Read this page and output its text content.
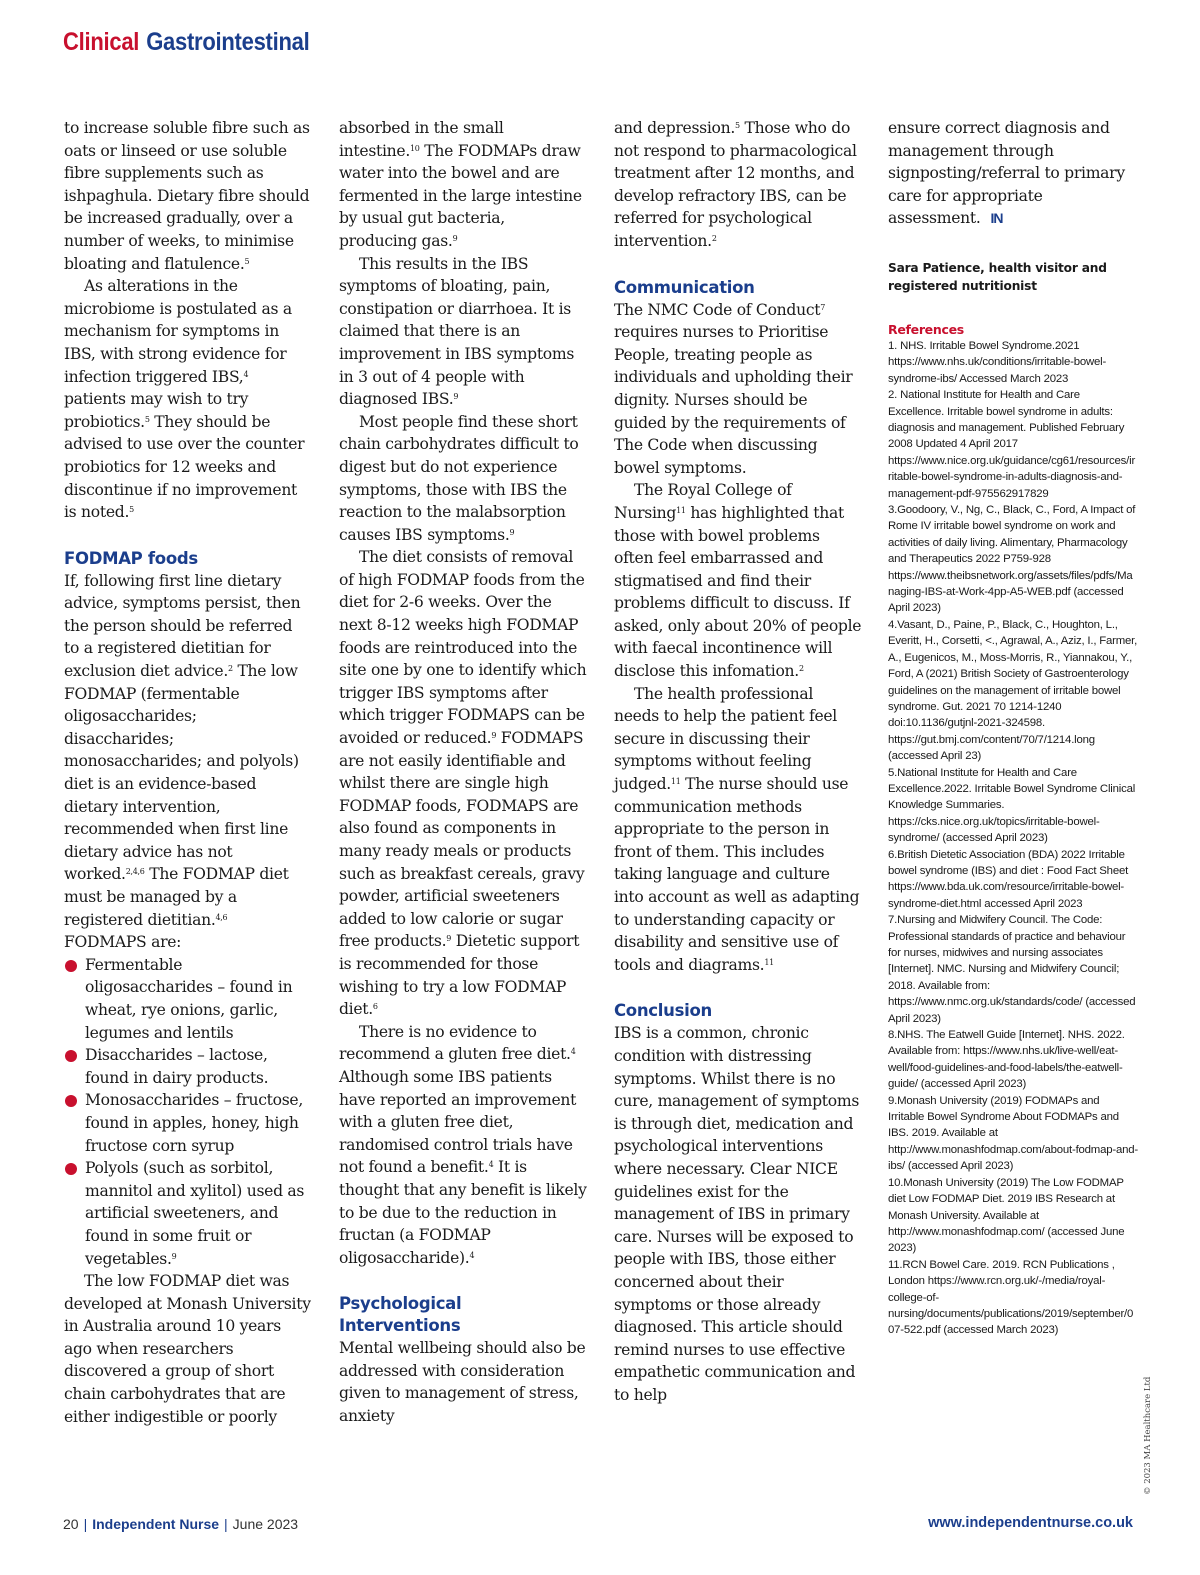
Clinical Gastrointestinal

to increase soluble fibre such as oats or linseed or use soluble fibre supplements such as ishpaghula. Dietary fibre should be increased gradually, over a number of weeks, to minimise bloating and flatulence.$^5$

As alterations in the microbiome is postulated as a mechanism for symptoms in IBS, with strong evidence for infection triggered IBS,$^4$ patients may wish to try probiotics.$^5$ They should be advised to use over the counter probiotics for 12 weeks and discontinue if no improvement is noted.$^5$

FODMAP foods

If, following first line dietary advice, symptoms persist, then the person should be referred to a registered dietitian for exclusion diet advice.$^2$ The low FODMAP (fermentable oligosaccharides; disaccharides; monosaccharides; and polyols) diet is an evidence-based dietary intervention, recommended when first line dietary advice has not worked.$^{2,4,6}$ The FODMAP diet must be managed by a registered dietitian.$^{4,6}$

FODMAPS are:

Fermentable oligosaccharides – found in wheat, rye onions, garlic, legumes and lentils
Disaccharides – lactose, found in dairy products.
Monosaccharides – fructose, found in apples, honey, high fructose corn syrup
Polyols (such as sorbitol, mannitol and xylitol) used as artificial sweeteners, and found in some fruit or vegetables.$^9$

The low FODMAP diet was developed at Monash University in Australia around 10 years ago when researchers discovered a group of short chain carbohydrates that are either indigestible or poorly

absorbed in the small intestine.$^{10}$ The FODMAPs draw water into the bowel and are fermented in the large intestine by usual gut bacteria, producing gas.$^9$

This results in the IBS symptoms of bloating, pain, constipation or diarrhoea. It is claimed that there is an improvement in IBS symptoms in 3 out of 4 people with diagnosed IBS.$^9$

Most people find these short chain carbohydrates difficult to digest but do not experience symptoms, those with IBS the reaction to the malabsorption causes IBS symptoms.$^9$

The diet consists of removal of high FODMAP foods from the diet for 2-6 weeks. Over the next 8-12 weeks high FODMAP foods are reintroduced into the site one by one to identify which trigger IBS symptoms after which trigger FODMAPS can be avoided or reduced.$^9$ FODMAPS are not easily identifiable and whilst there are single high FODMAP foods, FODMAPS are also found as components in many ready meals or products such as breakfast cereals, gravy powder, artificial sweeteners added to low calorie or sugar free products.$^9$ Dietetic support is recommended for those wishing to try a low FODMAP diet.$^6$

There is no evidence to recommend a gluten free diet.$^4$ Although some IBS patients have reported an improvement with a gluten free diet, randomised control trials have not found a benefit.$^4$ It is thought that any benefit is likely to be due to the reduction in fructan (a FODMAP oligosaccharide).$^4$

Psychological
Interventions

Mental wellbeing should also be addressed with consideration given to management of stress, anxiety

and depression.$^5$ Those who do not respond to pharmacological treatment after 12 months, and develop refractory IBS, can be referred for psychological intervention.$^2$

Communication

The NMC Code of Conduct$^7$ requires nurses to Prioritise People, treating people as individuals and upholding their dignity. Nurses should be guided by the requirements of The Code when discussing bowel symptoms.

The Royal College of Nursing$^{11}$ has highlighted that those with bowel problems often feel embarrassed and stigmatised and find their problems difficult to discuss. If asked, only about 20% of people with faecal incontinence will disclose this infomation.$^2$

The health professional needs to help the patient feel secure in discussing their symptoms without feeling judged.$^{11}$ The nurse should use communication methods appropriate to the person in front of them. This includes taking language and culture into account as well as adapting to understanding capacity or disability and sensitive use of tools and diagrams.$^{11}$

Conclusion

IBS is a common, chronic condition with distressing symptoms. Whilst there is no cure, management of symptoms is through diet, medication and psychological interventions where necessary. Clear NICE guidelines exist for the management of IBS in primary care. Nurses will be exposed to people with IBS, those either concerned about their symptoms or those already diagnosed. This article should remind nurses to use effective empathetic communication and to help

ensure correct diagnosis and management through signposting/referral to primary care for appropriate assessment. IN

Sara Patience, health visitor and registered nutritionist

References

1. NHS. Irritable Bowel Syndrome.2021 https://www.nhs.uk/conditions/irritable-bowel-syndrome-ibs/ Accessed March 2023
2. National Institute for Health and Care Excellence. Irritable bowel syndrome in adults: diagnosis and management. Published February 2008 Updated 4 April 2017 https://www.nice.org.uk/guidance/cg61/resources/irritable-bowel-syndrome-in-adults-diagnosis-and-management-pdf-975562917829
3.Goodoory, V., Ng, C., Black, C., Ford, A Impact of Rome IV irritable bowel syndrome on work and activities of daily living. Alimentary, Pharmacology and Therapeutics 2022 P759-928 https://www.theibsnetwork.org/assets/files/pdfs/Managing-IBS-at-Work-4pp-A5-WEB.pdf (accessed April 2023)
4.Vasant, D., Paine, P., Black, C., Houghton, L., Everitt, H., Corsetti, <., Agrawal, A., Aziz, I., Farmer, A., Eugenicos, M., Moss-Morris, R., Yiannakou, Y., Ford, A (2021) British Society of Gastroenterology guidelines on the management of irritable bowel syndrome. Gut. 2021 70 1214-1240 doi:10.1136/gutjnl-2021-324598. https://gut.bmj.com/content/70/7/1214.long (accessed April 23)
5.National Institute for Health and Care Excellence.2022. Irritable Bowel Syndrome Clinical Knowledge Summaries. https://cks.nice.org.uk/topics/irritable-bowel-syndrome/ (accessed April 2023)
6.British Dietetic Association (BDA) 2022 Irritable bowel syndrome (IBS) and diet : Food Fact Sheet https://www.bda.uk.com/resource/irritable-bowel-syndrome-diet.html accessed April 2023
7.Nursing and Midwifery Council. The Code: Professional standards of practice and behaviour for nurses, midwives and nursing associates [Internet]. NMC. Nursing and Midwifery Council; 2018. Available from: https://www.nmc.org.uk/standards/code/ (accessed April 2023)
8.NHS. The Eatwell Guide [Internet]. NHS. 2022. Available from: https://www.nhs.uk/live-well/eat-well/food-guidelines-and-food-labels/the-eatwell-guide/ (accessed April 2023)
9.Monash University (2019) FODMAPs and Irritable Bowel Syndrome About FODMAPs and IBS. 2019. Available at http://www.monashfodmap.com/about-fodmap-and-ibs/ (accessed April 2023)
10.Monash University (2019) The Low FODMAP diet Low FODMAP Diet. 2019 IBS Research at Monash University. Available at http://www.monashfodmap.com/ (accessed June 2023)
11.RCN Bowel Care. 2019. RCN Publications , London https://www.rcn.org.uk/-/media/royal-college-of-nursing/documents/publications/2019/september/007-522.pdf (accessed March 2023)
© 2023 MA Healthcare Ltd
20 | Independent Nurse | June 2023	www.independentnurse.co.uk
